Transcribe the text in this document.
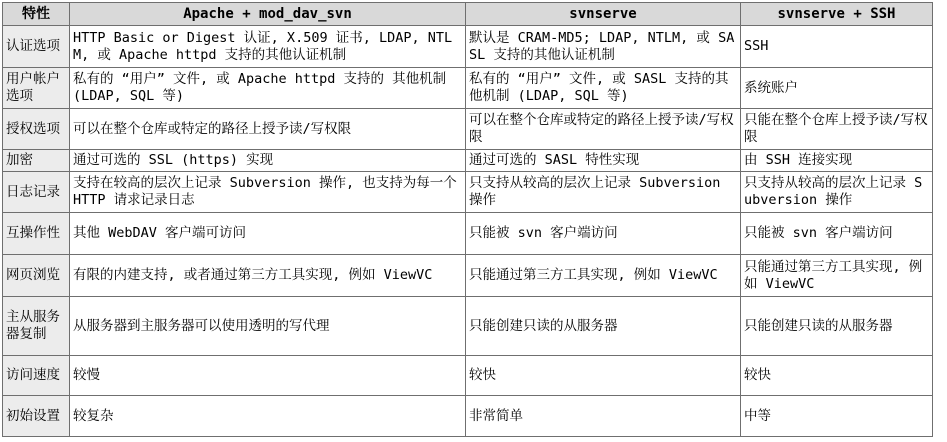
特性	Apache + mod_dav_svn	svnserve	svnserve + SSH
认证选项	HTTP Basic or Digest 认证, X.509 证书, LDAP, NTLM, 或 Apache httpd 支持的其他认证机制	默认是 CRAM-MD5; LDAP, NTLM, 或 SASL 支持的其他认证机制	SSH
用户帐户选项	私有的 “用户” 文件, 或 Apache httpd 支持的 其他机制 (LDAP, SQL 等)	私有的 “用户” 文件, 或 SASL 支持的其他机制 (LDAP, SQL 等)	系统账户
授权选项	可以在整个仓库或特定的路径上授予读/写权限	可以在整个仓库或特定的路径上授予读/写权限	只能在整个仓库上授予读/写权限
加密	通过可选的 SSL (https) 实现	通过可选的 SASL 特性实现	由 SSH 连接实现
日志记录	支持在较高的层次上记录 Subversion 操作, 也支持为每一个 HTTP 请求记录日志	只支持从较高的层次上记录 Subversion 操作	只支持从较高的层次上记录 Subversion 操作
互操作性	其他 WebDAV 客户端可访问	只能被 svn 客户端访问	只能被 svn 客户端访问
网页浏览	有限的内建支持, 或者通过第三方工具实现, 例如 ViewVC	只能通过第三方工具实现, 例如 ViewVC	只能通过第三方工具实现, 例如 ViewVC
主从服务器复制	从服务器到主服务器可以使用透明的写代理	只能创建只读的从服务器	只能创建只读的从服务器
访问速度	较慢	较快	较快
初始设置	较复杂	非常简单	中等
